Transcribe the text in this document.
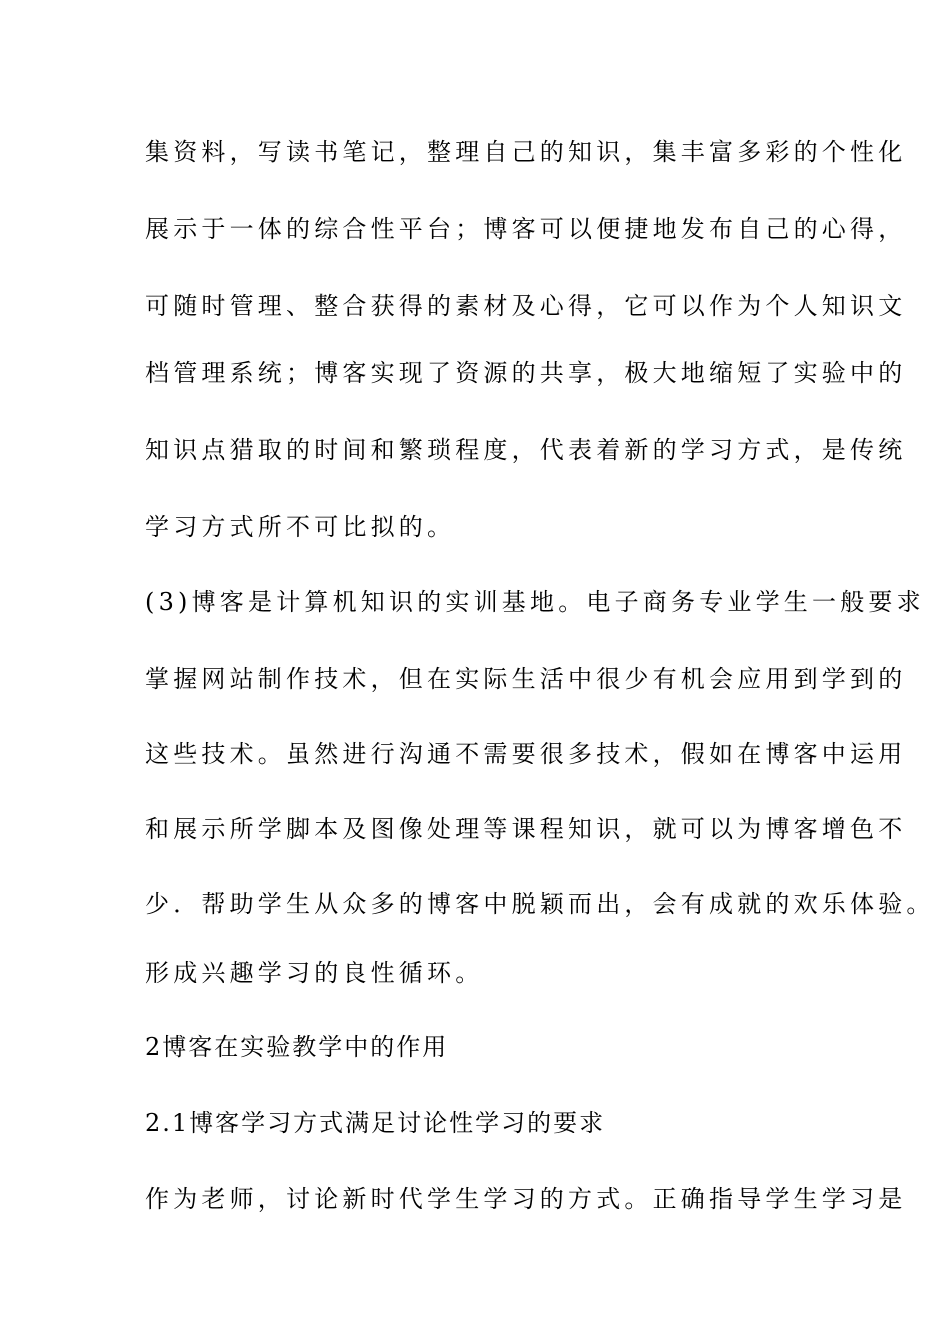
集资料，写读书笔记，整理自己的知识，集丰富多彩的个性化
展示于一体的综合性平台；博客可以便捷地发布自己的心得，
可随时管理、整合获得的素材及心得，它可以作为个人知识文
档管理系统；博客实现了资源的共享，极大地缩短了实验中的
知识点猎取的时间和繁琐程度，代表着新的学习方式，是传统
学习方式所不可比拟的。
(3)博客是计算机知识的实训基地。电子商务专业学生一般要求
掌握网站制作技术，但在实际生活中很少有机会应用到学到的
这些技术。虽然进行沟通不需要很多技术，假如在博客中运用
和展示所学脚本及图像处理等课程知识，就可以为博客增色不
少．帮助学生从众多的博客中脱颖而出，会有成就的欢乐体验。
形成兴趣学习的良性循环。
2博客在实验教学中的作用
2.1博客学习方式满足讨论性学习的要求
作为老师，讨论新时代学生学习的方式。正确指导学生学习是
